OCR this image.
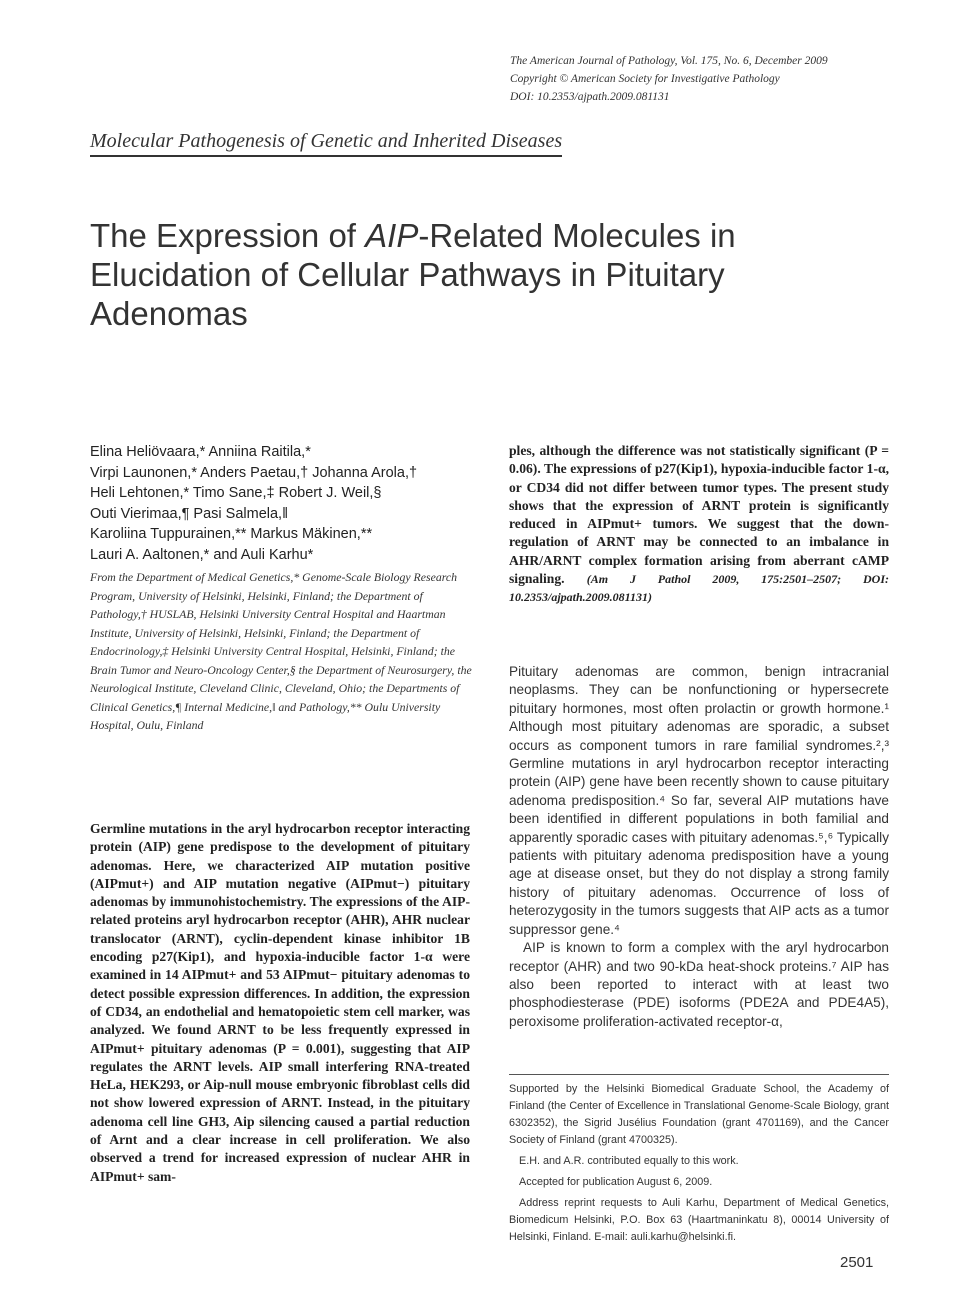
The American Journal of Pathology, Vol. 175, No. 6, December 2009
Copyright © American Society for Investigative Pathology
DOI: 10.2353/ajpath.2009.081131
Molecular Pathogenesis of Genetic and Inherited Diseases
The Expression of AIP-Related Molecules in Elucidation of Cellular Pathways in Pituitary Adenomas
Elina Heliövaara,* Anniina Raitila,*
Virpi Launonen,* Anders Paetau,† Johanna Arola,†
Heli Lehtonen,* Timo Sane,‡ Robert J. Weil,§
Outi Vierimaa,¶ Pasi Salmela,‖
Karoliina Tuppurainen,** Markus Mäkinen,**
Lauri A. Aaltonen,* and Auli Karhu*
From the Department of Medical Genetics,* Genome-Scale Biology Research Program, University of Helsinki, Helsinki, Finland; the Department of Pathology,† HUSLAB, Helsinki University Central Hospital and Haartman Institute, University of Helsinki, Helsinki, Finland; the Department of Endocrinology,‡ Helsinki University Central Hospital, Helsinki, Finland; the Brain Tumor and Neuro-Oncology Center,§ the Department of Neurosurgery, the Neurological Institute, Cleveland Clinic, Cleveland, Ohio; the Departments of Clinical Genetics,¶ Internal Medicine,‖ and Pathology,** Oulu University Hospital, Oulu, Finland
Germline mutations in the aryl hydrocarbon receptor interacting protein (AIP) gene predispose to the development of pituitary adenomas. Here, we characterized AIP mutation positive (AIPmut+) and AIP mutation negative (AIPmut−) pituitary adenomas by immunohistochemistry. The expressions of the AIP-related proteins aryl hydrocarbon receptor (AHR), AHR nuclear translocator (ARNT), cyclin-dependent kinase inhibitor 1B encoding p27(Kip1), and hypoxia-inducible factor 1-α were examined in 14 AIPmut+ and 53 AIPmut− pituitary adenomas to detect possible expression differences. In addition, the expression of CD34, an endothelial and hematopoietic stem cell marker, was analyzed. We found ARNT to be less frequently expressed in AIPmut+ pituitary adenomas (P = 0.001), suggesting that AIP regulates the ARNT levels. AIP small interfering RNA-treated HeLa, HEK293, or Aip-null mouse embryonic fibroblast cells did not show lowered expression of ARNT. Instead, in the pituitary adenoma cell line GH3, Aip silencing caused a partial reduction of Arnt and a clear increase in cell proliferation. We also observed a trend for increased expression of nuclear AHR in AIPmut+ sam-
ples, although the difference was not statistically significant (P = 0.06). The expressions of p27(Kip1), hypoxia-inducible factor 1-α, or CD34 did not differ between tumor types. The present study shows that the expression of ARNT protein is significantly reduced in AIPmut+ tumors. We suggest that the down-regulation of ARNT may be connected to an imbalance in AHR/ARNT complex formation arising from aberrant cAMP signaling. (Am J Pathol 2009, 175:2501–2507; DOI: 10.2353/ajpath.2009.081131)

Pituitary adenomas are common, benign intracranial neoplasms. They can be nonfunctioning or hypersecrete pituitary hormones, most often prolactin or growth hormone.¹ Although most pituitary adenomas are sporadic, a subset occurs as component tumors in rare familial syndromes.²,³ Germline mutations in aryl hydrocarbon receptor interacting protein (AIP) gene have been recently shown to cause pituitary adenoma predisposition.⁴ So far, several AIP mutations have been identified in different populations in both familial and apparently sporadic cases with pituitary adenomas.⁵,⁶ Typically patients with pituitary adenoma predisposition have a young age at disease onset, but they do not display a strong family history of pituitary adenomas. Occurrence of loss of heterozygosity in the tumors suggests that AIP acts as a tumor suppressor gene.⁴

AIP is known to form a complex with the aryl hydrocarbon receptor (AHR) and two 90-kDa heat-shock proteins.⁷ AIP has also been reported to interact with at least two phosphodiesterase (PDE) isoforms (PDE2A and PDE4A5), peroxisome proliferation-activated receptor-α,

Supported by the Helsinki Biomedical Graduate School, the Academy of Finland (the Center of Excellence in Translational Genome-Scale Biology, grant 6302352), the Sigrid Jusélius Foundation (grant 4701169), and the Cancer Society of Finland (grant 4700325).

E.H. and A.R. contributed equally to this work.

Accepted for publication August 6, 2009.

Address reprint requests to Auli Karhu, Department of Medical Genetics, Biomedicum Helsinki, P.O. Box 63 (Haartmaninkatu 8), 00014 University of Helsinki, Finland. E-mail: auli.karhu@helsinki.fi.

2501
